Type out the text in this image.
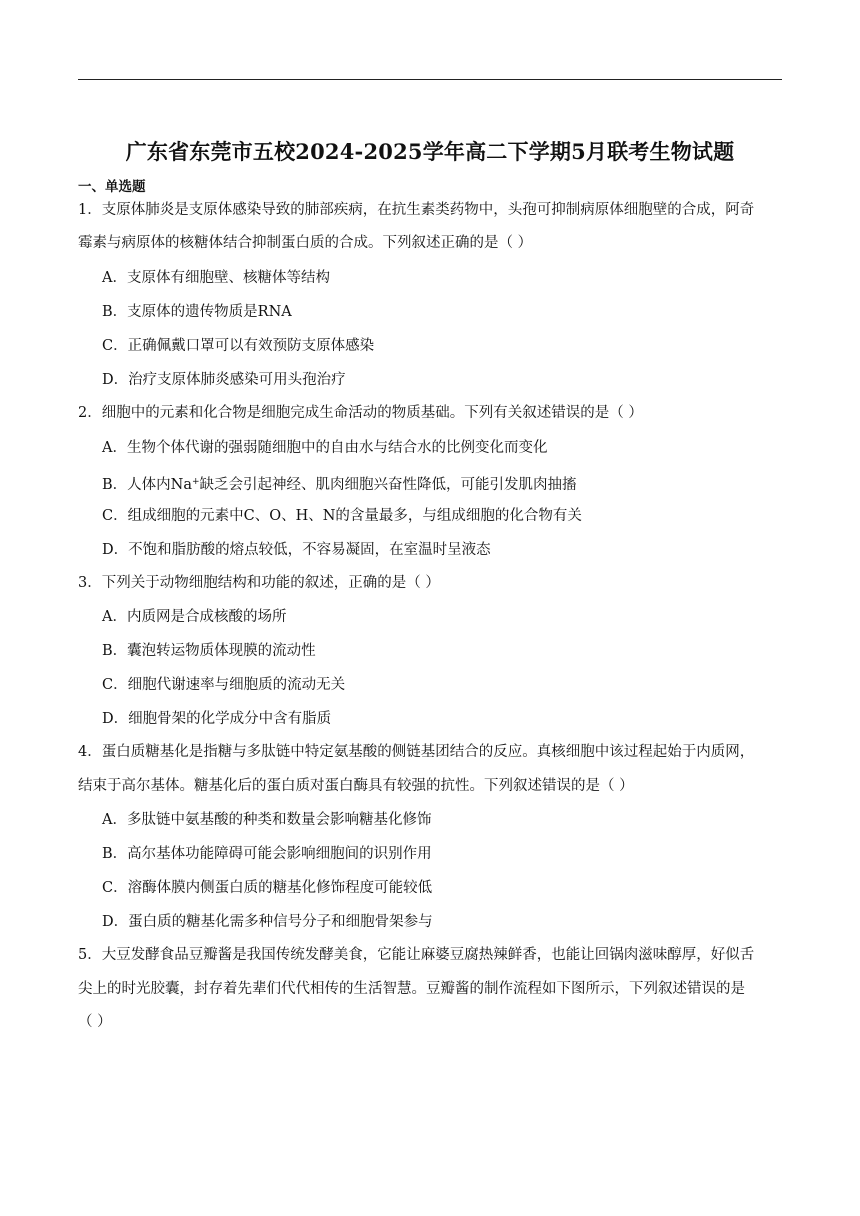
广东省东莞市五校2024-2025学年高二下学期5月联考生物试题
一、单选题
1．支原体肺炎是支原体感染导致的肺部疾病，在抗生素类药物中，头孢可抑制病原体细胞壁的合成，阿奇
霉素与病原体的核糖体结合抑制蛋白质的合成。下列叙述正确的是（ ）
A．支原体有细胞壁、核糖体等结构
B．支原体的遗传物质是RNA
C．正确佩戴口罩可以有效预防支原体感染
D．治疗支原体肺炎感染可用头孢治疗
2．细胞中的元素和化合物是细胞完成生命活动的物质基础。下列有关叙述错误的是（ ）
A．生物个体代谢的强弱随细胞中的自由水与结合水的比例变化而变化
B．人体内Na+缺乏会引起神经、肌肉细胞兴奋性降低，可能引发肌肉抽搐
C．组成细胞的元素中C、O、H、N的含量最多，与组成细胞的化合物有关
D．不饱和脂肪酸的熔点较低，不容易凝固，在室温时呈液态
3．下列关于动物细胞结构和功能的叙述，正确的是（ ）
A．内质网是合成核酸的场所
B．囊泡转运物质体现膜的流动性
C．细胞代谢速率与细胞质的流动无关
D．细胞骨架的化学成分中含有脂质
4．蛋白质糖基化是指糖与多肽链中特定氨基酸的侧链基团结合的反应。真核细胞中该过程起始于内质网，
结束于高尔基体。糖基化后的蛋白质对蛋白酶具有较强的抗性。下列叙述错误的是（ ）
A．多肽链中氨基酸的种类和数量会影响糖基化修饰
B．高尔基体功能障碍可能会影响细胞间的识别作用
C．溶酶体膜内侧蛋白质的糖基化修饰程度可能较低
D．蛋白质的糖基化需多种信号分子和细胞骨架参与
5．大豆发酵食品豆瓣酱是我国传统发酵美食，它能让麻婆豆腐热辣鲜香，也能让回锅肉滋味醇厚，好似舌
尖上的时光胶囊，封存着先辈们代代相传的生活智慧。豆瓣酱的制作流程如下图所示，下列叙述错误的是
（ ）
